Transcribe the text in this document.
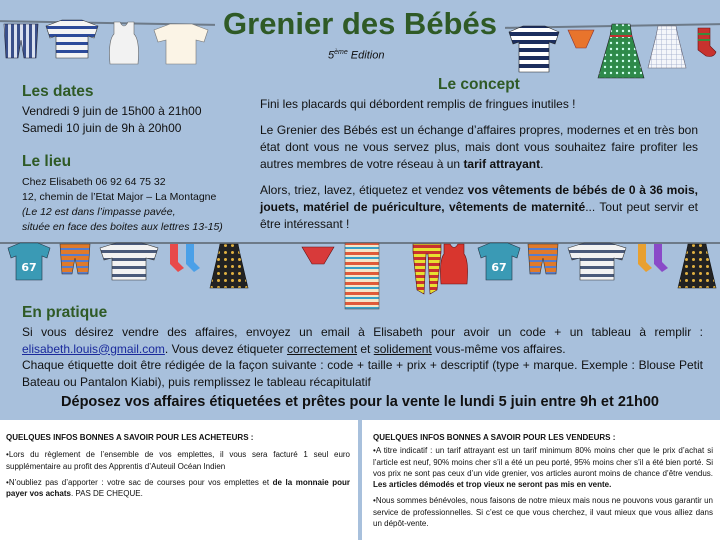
Grenier des Bébés
5ème Edition
Les dates
Vendredi 9 juin de 15h00 à 21h00
Samedi 10 juin de 9h à 20h00
Le lieu
Chez Elisabeth 06 92 64 75 32
12, chemin de l’Etat Major – La Montagne
(Le 12 est dans l’impasse pavée,
située en face des boites aux lettres 13-15)
Le concept

Fini les placards qui débordent remplis de fringues inutiles !

Le Grenier des Bébés est un échange d’affaires propres, modernes et en très bon état dont vous ne vous servez plus, mais dont vous souhaitez faire profiter les autres membres de votre réseau à un tarif attrayant.

Alors, triez, lavez, étiquetez et vendez vos vêtements de bébés de 0 à 36 mois, jouets, matériel de puériculture, vêtements de maternité... Tout peut servir et être intéressant !

67	67
En pratique
Si vous désirez vendre des affaires, envoyez un email à Elisabeth pour avoir un code + un tableau à remplir : elisabeth.louis@gmail.com. Vous devez étiqueter correctement et solidement vous-même vos affaires.
Chaque étiquette doit être rédigée de la façon suivante : code + taille + prix + descriptif (type + marque. Exemple : Blouse Petit Bateau ou Pantalon Kiabi), puis remplissez le tableau récapitulatif
Déposez vos affaires étiquetées et prêtes pour la vente le lundi 5 juin entre 9h et 21h00
QUELQUES INFOS BONNES A SAVOIR POUR LES ACHETEURS :

•Lors du règlement de l’ensemble de vos emplettes, il vous sera facturé 1 seul euro supplémentaire au profit des Apprentis d’Auteuil Océan Indien

•N’oubliez pas d’apporter : votre sac de courses pour vos emplettes et de la monnaie pour payer vos achats. PAS DE CHEQUE.

QUELQUES INFOS BONNES A SAVOIR POUR LES VENDEURS :

•A titre indicatif : un tarif attrayant est un tarif minimum 80% moins cher que le prix d’achat si l’article est neuf, 90% moins cher s’il a été un peu porté, 95% moins cher s’il a été bien porté. Si vos prix ne sont pas ceux d’un vide grenier, vos articles auront moins de chance d’être vendus. Les articles démodés et trop vieux ne seront pas mis en vente.

•Nous sommes bénévoles, nous faisons de notre mieux mais nous ne pouvons vous garantir un service de professionnelles. Si c’est ce que vous cherchez, il vaut mieux que vous alliez dans un dépôt-vente.
